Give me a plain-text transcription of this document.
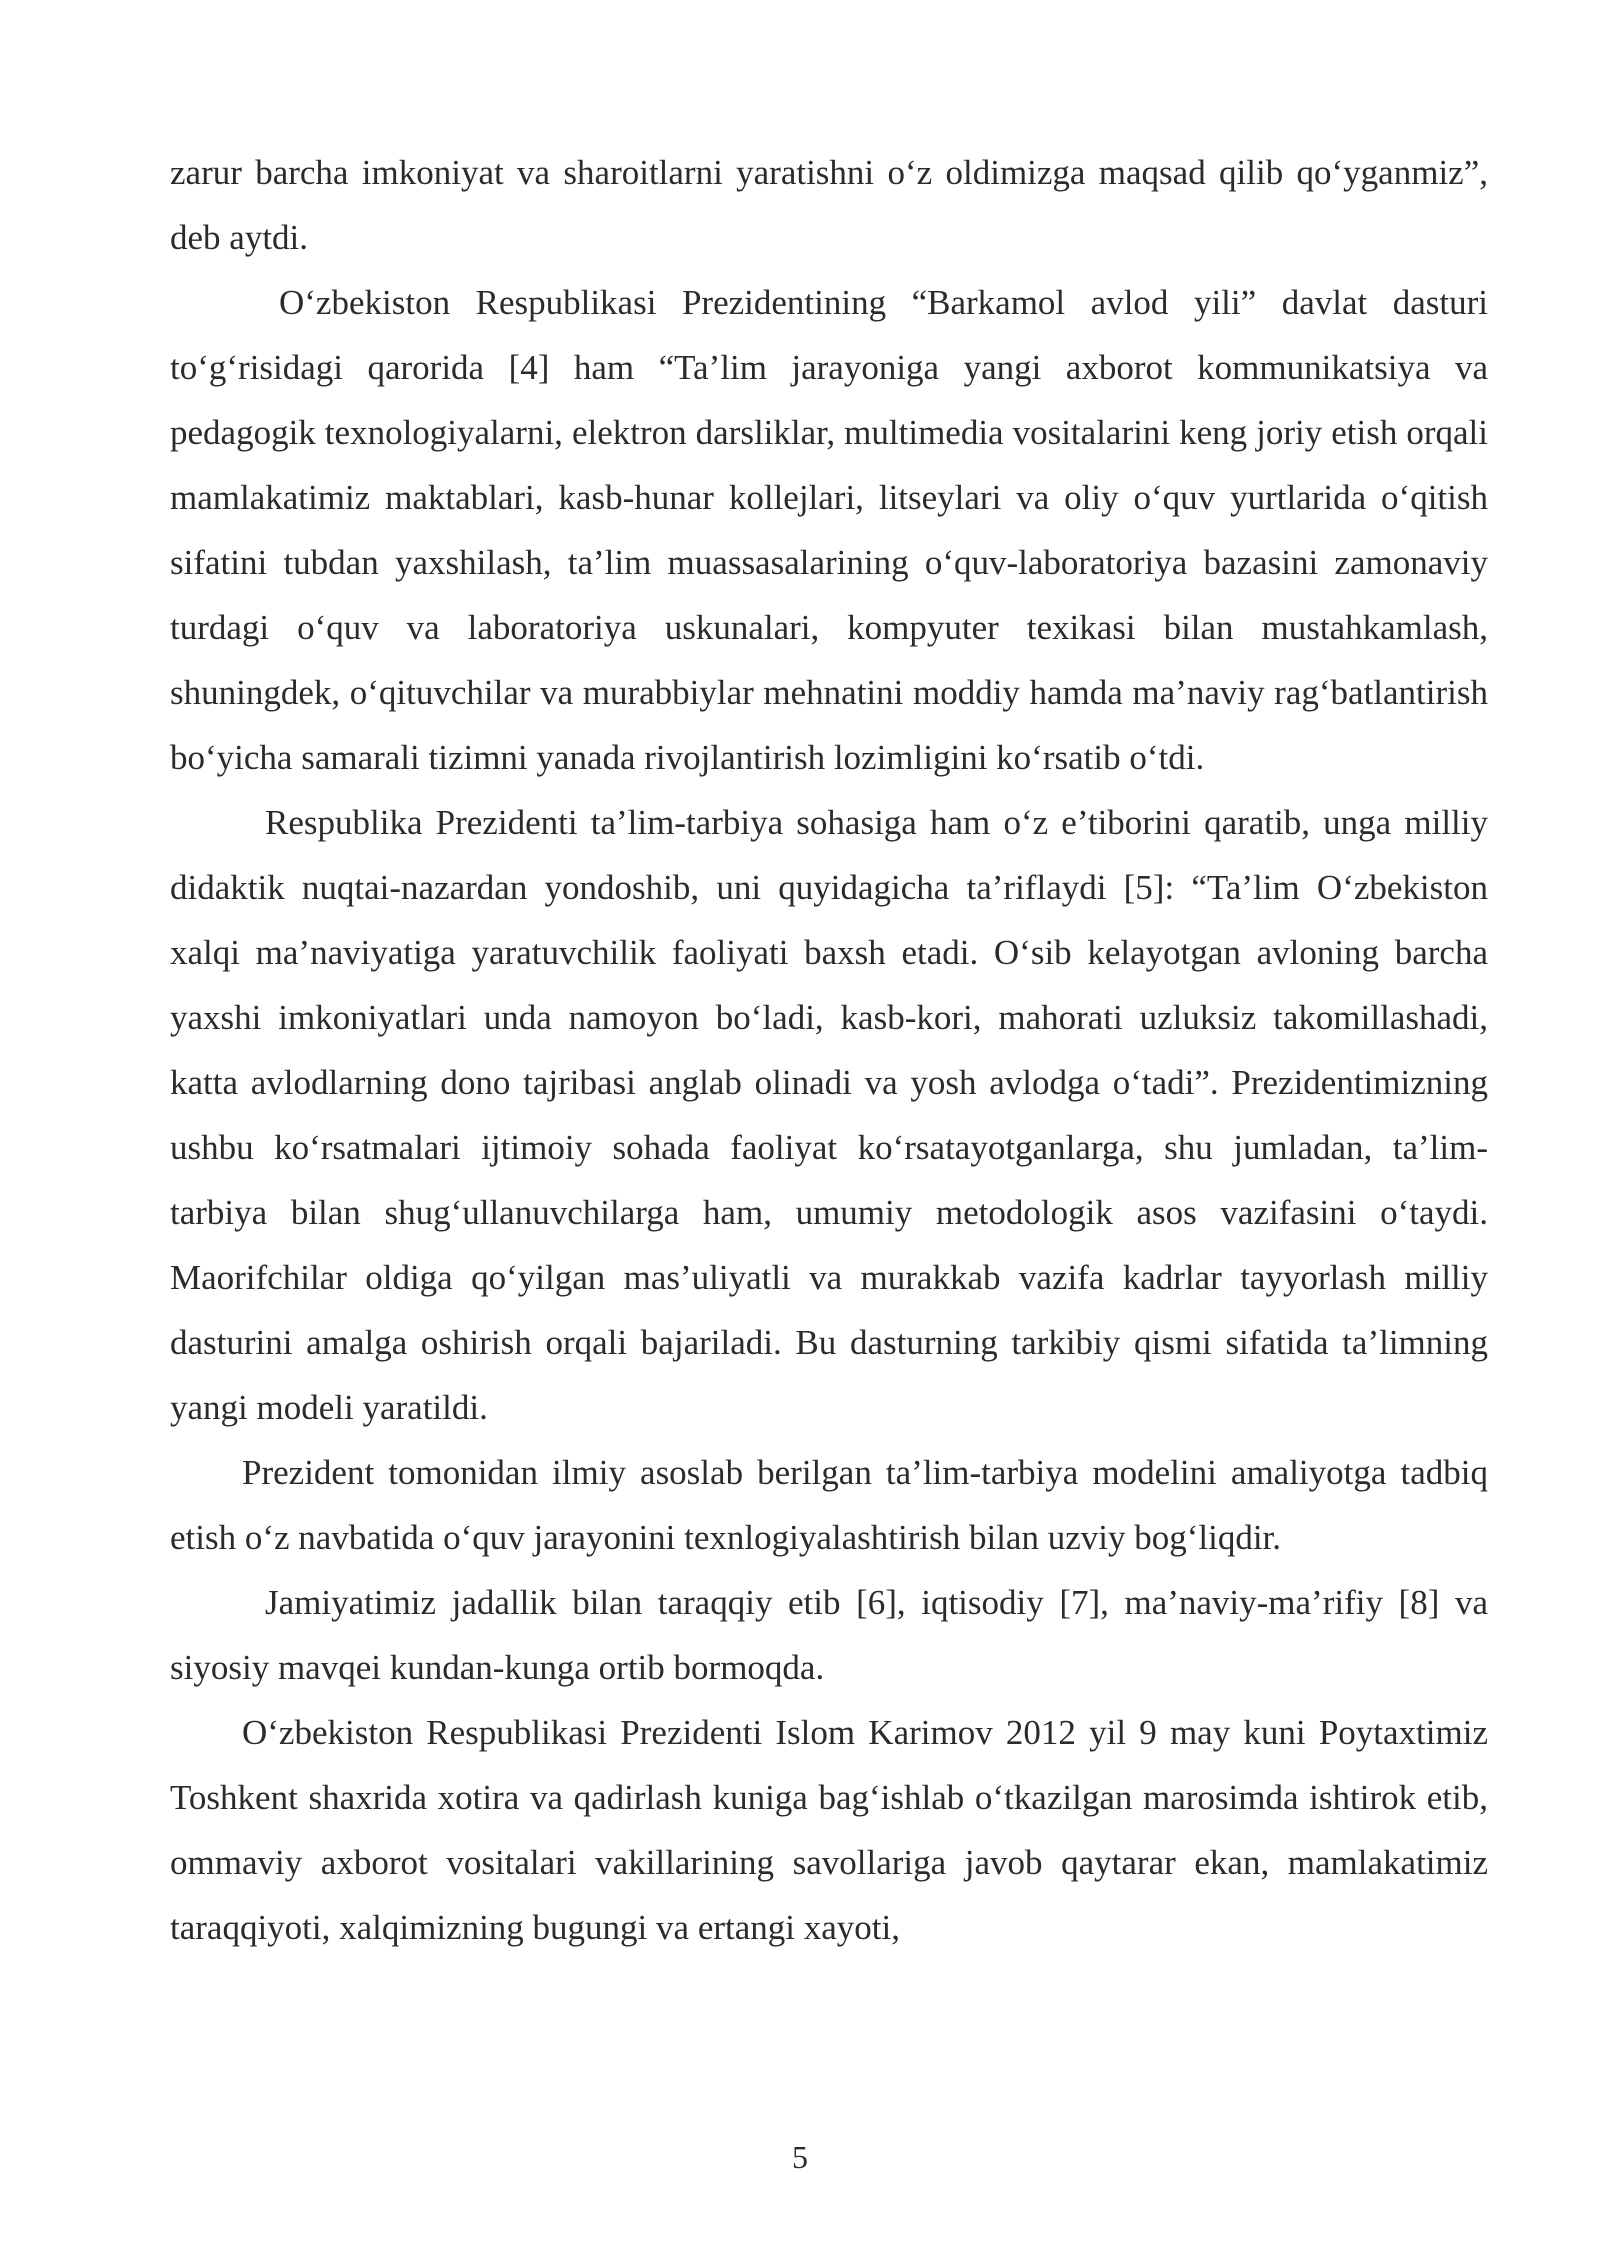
zarur barcha imkoniyat va sharoitlarni yaratishni o‘z oldimizga maqsad qilib qo‘yganmiz”, deb aytdi.

O‘zbekiston Respublikasi Prezidentining “Barkamol avlod yili” davlat dasturi to‘g‘risidagi qarorida [4] ham “Ta’lim jarayoniga yangi axborot kommunikatsiya va pedagogik texnologiyalarni, elektron darsliklar, multimedia vositalarini keng joriy etish orqali mamlakatimiz maktablari, kasb-hunar kollejlari, litseylari va oliy o‘quv yurtlarida o‘qitish sifatini tubdan yaxshilash, ta’lim muassasalarining o‘quv-laboratoriya bazasini zamonaviy turdagi o‘quv va laboratoriya uskunalari, kompyuter texikasi bilan mustahkamlash, shuningdek, o‘qituvchilar va murabbiylar mehnatini moddiy hamda ma’naviy rag‘batlantirish bo‘yicha samarali tizimni yanada rivojlantirish lozimligini ko‘rsatib o‘tdi.

Respublika Prezidenti ta’lim-tarbiya sohasiga ham o‘z e’tiborini qaratib, unga milliy didaktik nuqtai-nazardan yondoshib, uni quyidagicha ta’riflaydi [5]: “Ta’lim O‘zbekiston xalqi ma’naviyatiga yaratuvchilik faoliyati baxsh etadi. O‘sib kelayotgan avloning barcha yaxshi imkoniyatlari unda namoyon bo‘ladi, kasb-kori, mahorati uzluksiz takomillashadi, katta avlodlarning dono tajribasi anglab olinadi va yosh avlodga o‘tadi”. Prezidentimizning ushbu ko‘rsatmalari ijtimoiy sohada faoliyat ko‘rsatayotganlarga, shu jumladan, ta’lim-tarbiya bilan shug‘ullanuvchilarga ham, umumiy metodologik asos vazifasini o‘taydi. Maorifchilar oldiga qo‘yilgan mas’uliyatli va murakkab vazifa kadrlar tayyorlash milliy dasturini amalga oshirish orqali bajariladi. Bu dasturning tarkibiy qismi sifatida ta’limning yangi modeli yaratildi.

Prezident tomonidan ilmiy asoslab berilgan ta’lim-tarbiya modelini amaliyotga tadbiq etish o‘z navbatida o‘quv jarayonini texnlogiyalashtirish bilan uzviy bog‘liqdir.

Jamiyatimiz jadallik bilan taraqqiy etib [6], iqtisodiy [7], ma’naviy-ma’rifiy [8] va siyosiy mavqei kundan-kunga ortib bormoqda.

O‘zbekiston Respublikasi Prezidenti Islom Karimov 2012 yil 9 may kuni Poytaxtimiz Toshkent shaxrida xotira va qadirlash kuniga bag‘ishlab o‘tkazilgan marosimda ishtirok etib, ommaviy axborot vositalari vakillarining savollariga javob qaytarar ekan, mamlakatimiz taraqqiyoti, xalqimizning bugungi va ertangi xayoti,

5
